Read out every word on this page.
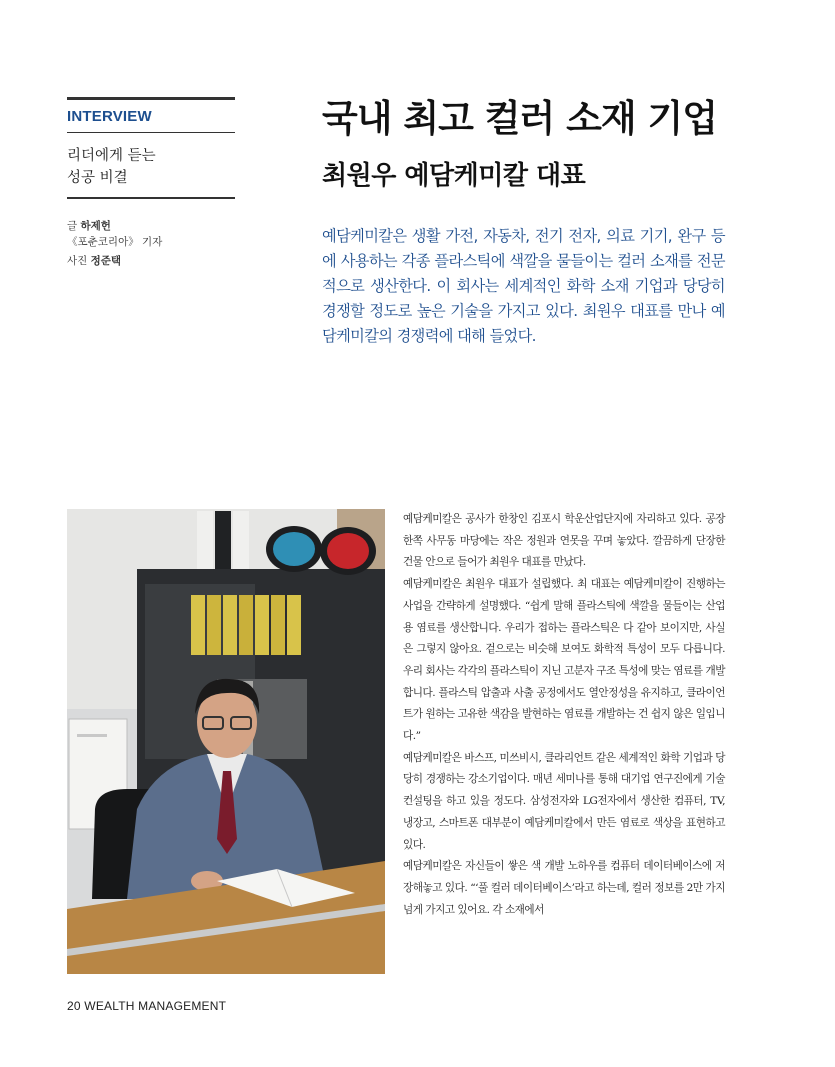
INTERVIEW
리더에게 듣는
성공 비결
글 하제헌
《포춘코리아》 기자
사진 정준택
국내 최고 컬러 소재 기업
최원우 예담케미칼 대표
예담케미칼은 생활 가전, 자동차, 전기 전자, 의료 기기, 완구 등에 사용하는 각종 플라스틱에 색깔을 물들이는 컬러 소재를 전문적으로 생산한다. 이 회사는 세계적인 화학 소재 기업과 당당히 경쟁할 정도로 높은 기술을 가지고 있다. 최원우 대표를 만나 예담케미칼의 경쟁력에 대해 들었다.

예담케미칼은 공사가 한창인 김포시 학운산업단지에 자리하고 있다. 공장 한쪽 사무동 마당에는 작은 정원과 연못을 꾸며 놓았다. 깔끔하게 단장한 건물 안으로 들어가 최원우 대표를 만났다.

예담케미칼은 최원우 대표가 설립했다. 최 대표는 예담케미칼이 진행하는 사업을 간략하게 설명했다. “쉽게 말해 플라스틱에 색깔을 물들이는 산업용 염료를 생산합니다. 우리가 접하는 플라스틱은 다 같아 보이지만, 사실은 그렇지 않아요. 겉으로는 비슷해 보여도 화학적 특성이 모두 다릅니다. 우리 회사는 각각의 플라스틱이 지닌 고분자 구조 특성에 맞는 염료를 개발합니다. 플라스틱 압출과 사출 공정에서도 열안정성을 유지하고, 클라이언트가 원하는 고유한 색감을 발현하는 염료를 개발하는 건 쉽지 않은 일입니다.”

예담케미칼은 바스프, 미쓰비시, 클라리언트 같은 세계적인 화학 기업과 당당히 경쟁하는 강소기업이다. 매년 세미나를 통해 대기업 연구진에게 기술 컨설팅을 하고 있을 정도다. 삼성전자와 LG전자에서 생산한 컴퓨터, TV, 냉장고, 스마트폰 대부분이 예담케미칼에서 만든 염료로 색상을 표현하고 있다.

예담케미칼은 자신들이 쌓은 색 개발 노하우를 컴퓨터 데이터베이스에 저장해놓고 있다. “‘풀 컬러 데이터베이스’라고 하는데, 컬러 정보를 2만 가지 넘게 가지고 있어요. 각 소재에서

20 WEALTH MANAGEMENT
